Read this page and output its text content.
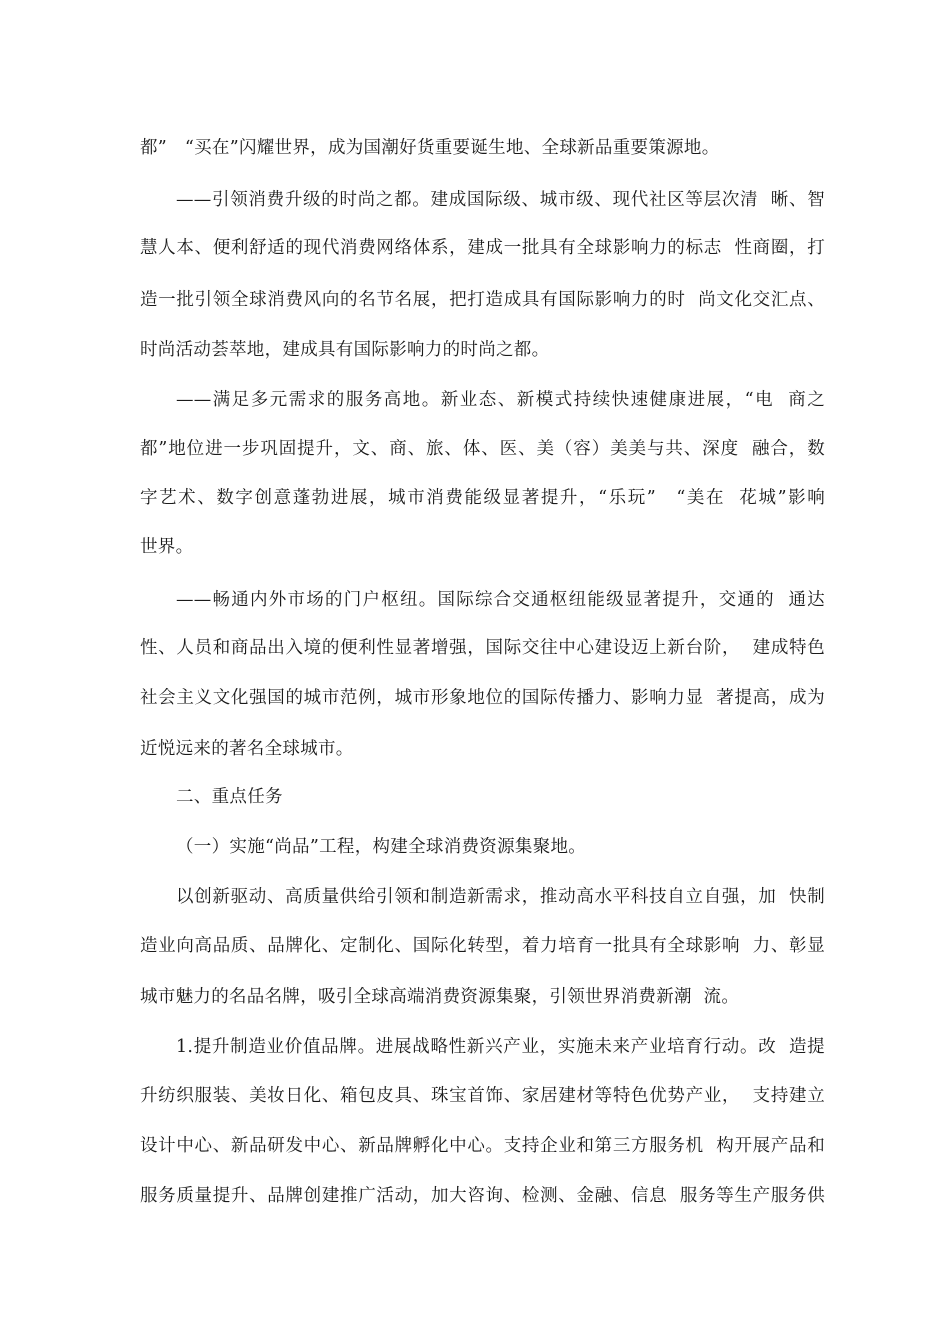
都”　“买在”闪耀世界，成为国潮好货重要诞生地、全球新品重要策源地。
——引领消费升级的时尚之都。建成国际级、城市级、现代社区等层次清  晰、智
慧人本、便利舒适的现代消费网络体系，建成一批具有全球影响力的标志  性商圈，打
造一批引领全球消费风向的名节名展，把打造成具有国际影响力的时  尚文化交汇点、
时尚活动荟萃地，建成具有国际影响力的时尚之都。
——满足多元需求的服务高地。新业态、新模式持续快速健康进展，“电  商之
都”地位进一步巩固提升，文、商、旅、体、医、美（容）美美与共、深度  融合，数
字艺术、数字创意蓬勃进展，城市消费能级显著提升，“乐玩”　“美在  花城”影响
世界。
——畅通内外市场的门户枢纽。国际综合交通枢纽能级显著提升，交通的  通达
性、人员和商品出入境的便利性显著增强，国际交往中心建设迈上新台阶，  建成特色
社会主义文化强国的城市范例，城市形象地位的国际传播力、影响力显  著提高，成为
近悦远来的著名全球城市。
二、重点任务
（一）实施“尚品”工程，构建全球消费资源集聚地。
以创新驱动、高质量供给引领和制造新需求，推动高水平科技自立自强，加  快制
造业向高品质、品牌化、定制化、国际化转型，着力培育一批具有全球影响  力、彰显
城市魅力的名品名牌，吸引全球高端消费资源集聚，引领世界消费新潮  流。
1.提升制造业价值品牌。进展战略性新兴产业，实施未来产业培育行动。改  造提
升纺织服装、美妆日化、箱包皮具、珠宝首饰、家居建材等特色优势产业，  支持建立
设计中心、新品研发中心、新品牌孵化中心。支持企业和第三方服务机  构开展产品和
服务质量提升、品牌创建推广活动，加大咨询、检测、金融、信息  服务等生产服务供
